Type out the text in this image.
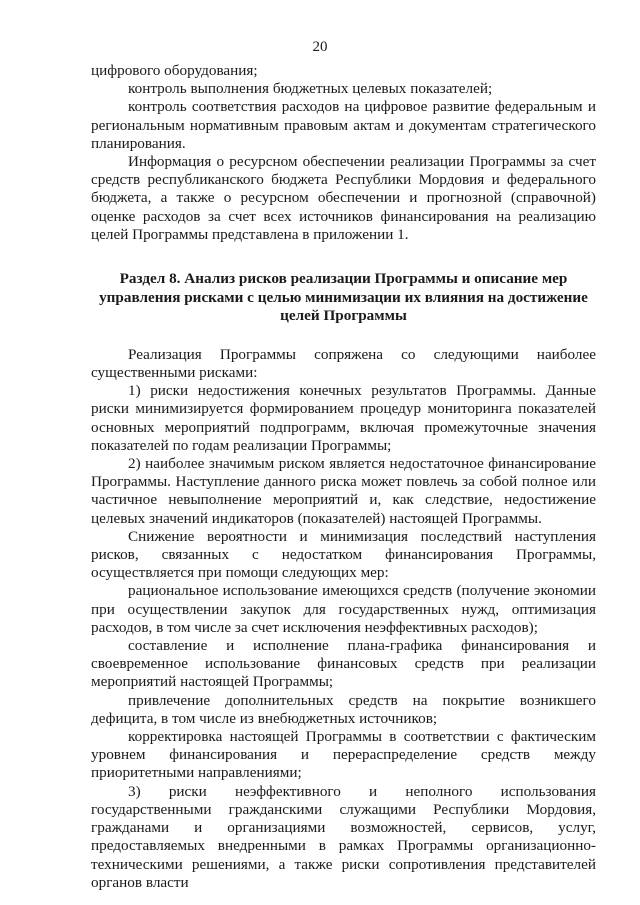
20

цифрового оборудования;

контроль выполнения бюджетных целевых показателей;

контроль соответствия расходов на цифровое развитие федеральным и региональным нормативным правовым актам и документам стратегического планирования.

Информация о ресурсном обеспечении реализации Программы за счет средств республиканского бюджета Республики Мордовия и федерального бюджета, а также о ресурсном обеспечении и прогнозной (справочной) оценке расходов за счет всех источников финансирования на реализацию целей Программы представлена в приложении 1.

Раздел 8. Анализ рисков реализации Программы и описание мер управления рисками с целью минимизации их влияния на достижение целей Программы

Реализация Программы сопряжена со следующими наиболее существенными рисками:

1) риски недостижения конечных результатов Программы. Данные риски минимизируется формированием процедур мониторинга показателей основных мероприятий подпрограмм, включая промежуточные значения показателей по годам реализации Программы;

2) наиболее значимым риском является недостаточное финансирование Программы. Наступление данного риска может повлечь за собой полное или частичное невыполнение мероприятий и, как следствие, недостижение целевых значений индикаторов (показателей) настоящей Программы.

Снижение вероятности и минимизация последствий наступления рисков, связанных с недостатком финансирования Программы, осуществляется при помощи следующих мер:

рациональное использование имеющихся средств (получение экономии при осуществлении закупок для государственных нужд, оптимизация расходов, в том числе за счет исключения неэффективных расходов);

составление и исполнение плана-графика финансирования и своевременное использование финансовых средств при реализации мероприятий настоящей Программы;

привлечение дополнительных средств на покрытие возникшего дефицита, в том числе из внебюджетных источников;

корректировка настоящей Программы в соответствии с фактическим уровнем финансирования и перераспределение средств между приоритетными направлениями;

3) риски неэффективного и неполного использования государственными гражданскими служащими Республики Мордовия, гражданами и организациями возможностей, сервисов, услуг, предоставляемых внедренными в рамках Программы организационно-техническими решениями, а также риски сопротивления представителей органов власти
